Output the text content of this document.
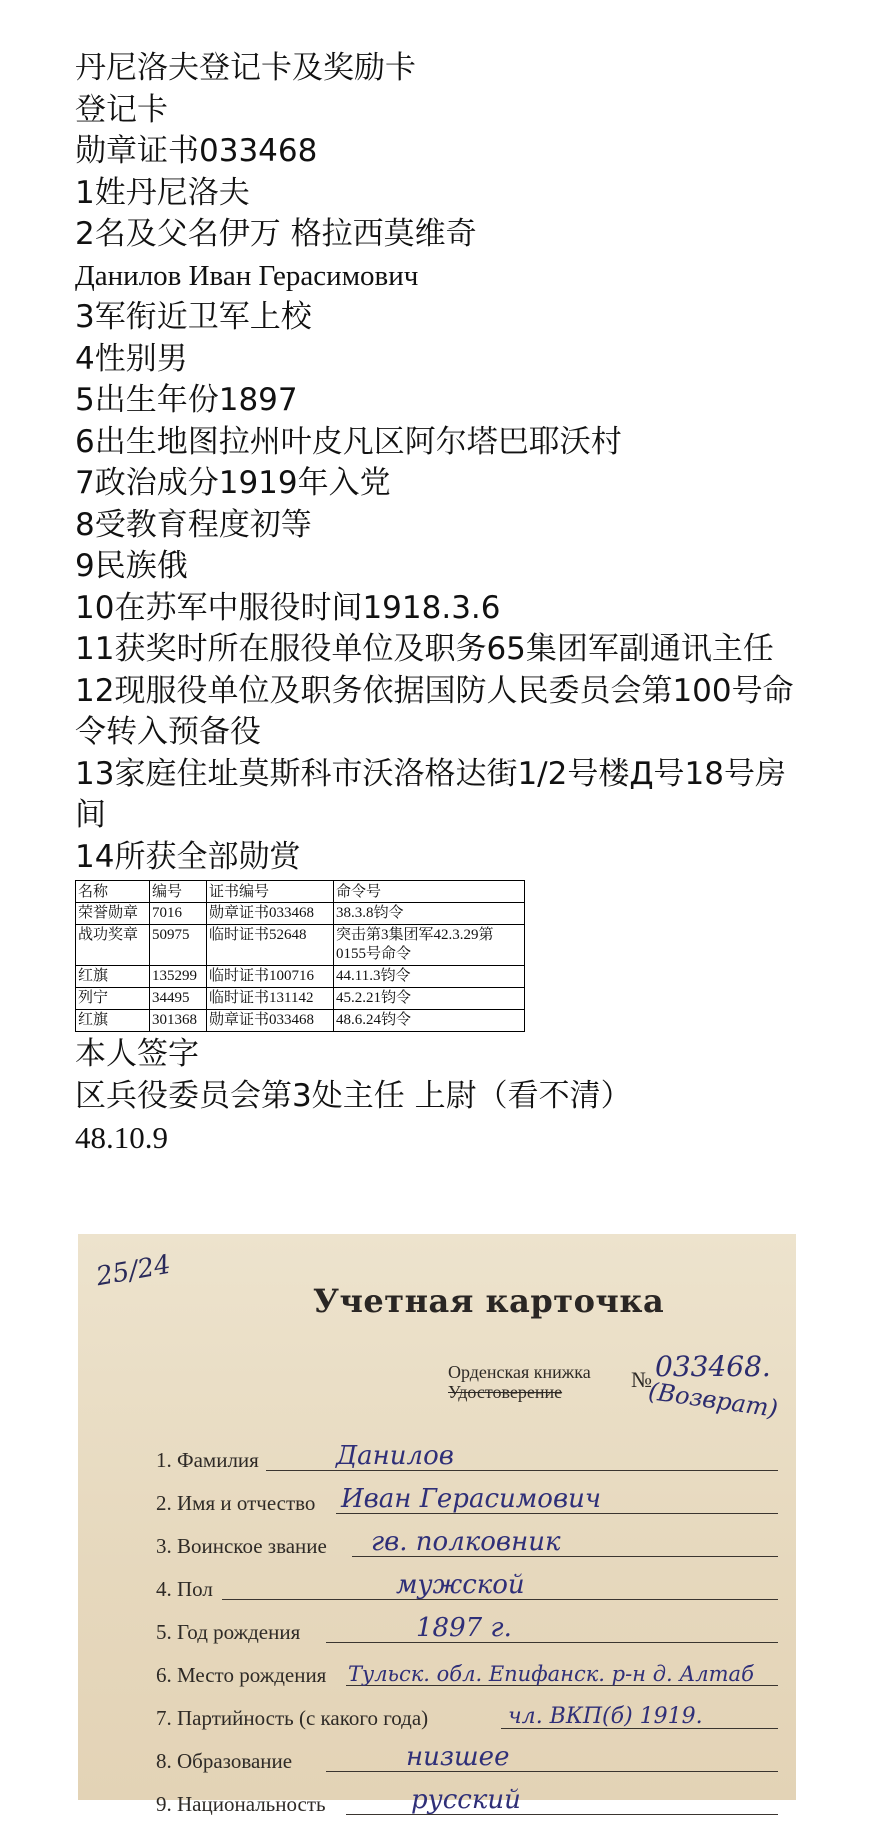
丹尼洛夫登记卡及奖励卡

登记卡

勋章证书033468

1姓丹尼洛夫

2名及父名伊万 格拉西莫维奇

Данилов Иван Герасимович

3军衔近卫军上校

4性别男

5出生年份1897

6出生地图拉州叶皮凡区阿尔塔巴耶沃村

7政治成分1919年入党

8受教育程度初等

9民族俄

10在苏军中服役时间1918.3.6

11获奖时所在服役单位及职务65集团军副通讯主任

12现服役单位及职务依据国防人民委员会第100号命令转入预备役

13家庭住址莫斯科市沃洛格达街1/2号楼Д号18号房间

14所获全部勋赏

名称	编号	证书编号	命令号
荣誉勋章	7016	勋章证书033468	38.3.8钧令
战功奖章	50975	临时证书52648	突击第3集团军42.3.29第0155号命令
红旗	135299	临时证书100716	44.11.3钧令
列宁	34495	临时证书131142	45.2.21钧令
红旗	301368	勋章证书033468	48.6.24钧令

本人签字

区兵役委员会第3处主任 上尉（看不清）

48.10.9

25/24
Учетная карточка
Орденская книжка
Удостоверение	№ 033468.
(Возврат)
1. Фамилия	Данилов
2. Имя и отчество Иван Герасимович
3. Воинское звание гв. полковник
4. Пол	мужской
5. Год рождения	1897 г.
6. Место рождения Тульск. обл. Епифанск. р-н д. Алтаб
7. Партийность (с какого года)	чл. ВКП(б) 1919.
8. Образование	низшее
9. Национальность	русский
